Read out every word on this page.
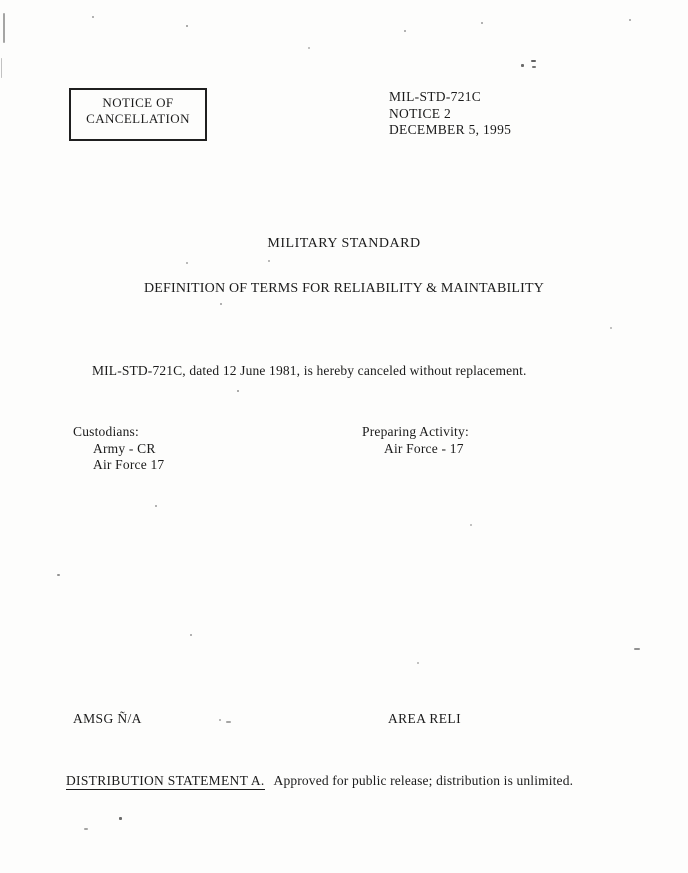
NOTICE OF
CANCELLATION
MIL-STD-721C
NOTICE 2
DECEMBER 5, 1995
MILITARY STANDARD
DEFINITION OF TERMS FOR RELIABILITY & MAINTABILITY
MIL-STD-721C, dated 12 June 1981, is hereby canceled without replacement.
Custodians:
Army - CR
Air Force 17
Preparing Activity:
Air Force - 17
AMSG Ñ/A	AREA RELI
DISTRIBUTION STATEMENT A. Approved for public release; distribution is unlimited.
